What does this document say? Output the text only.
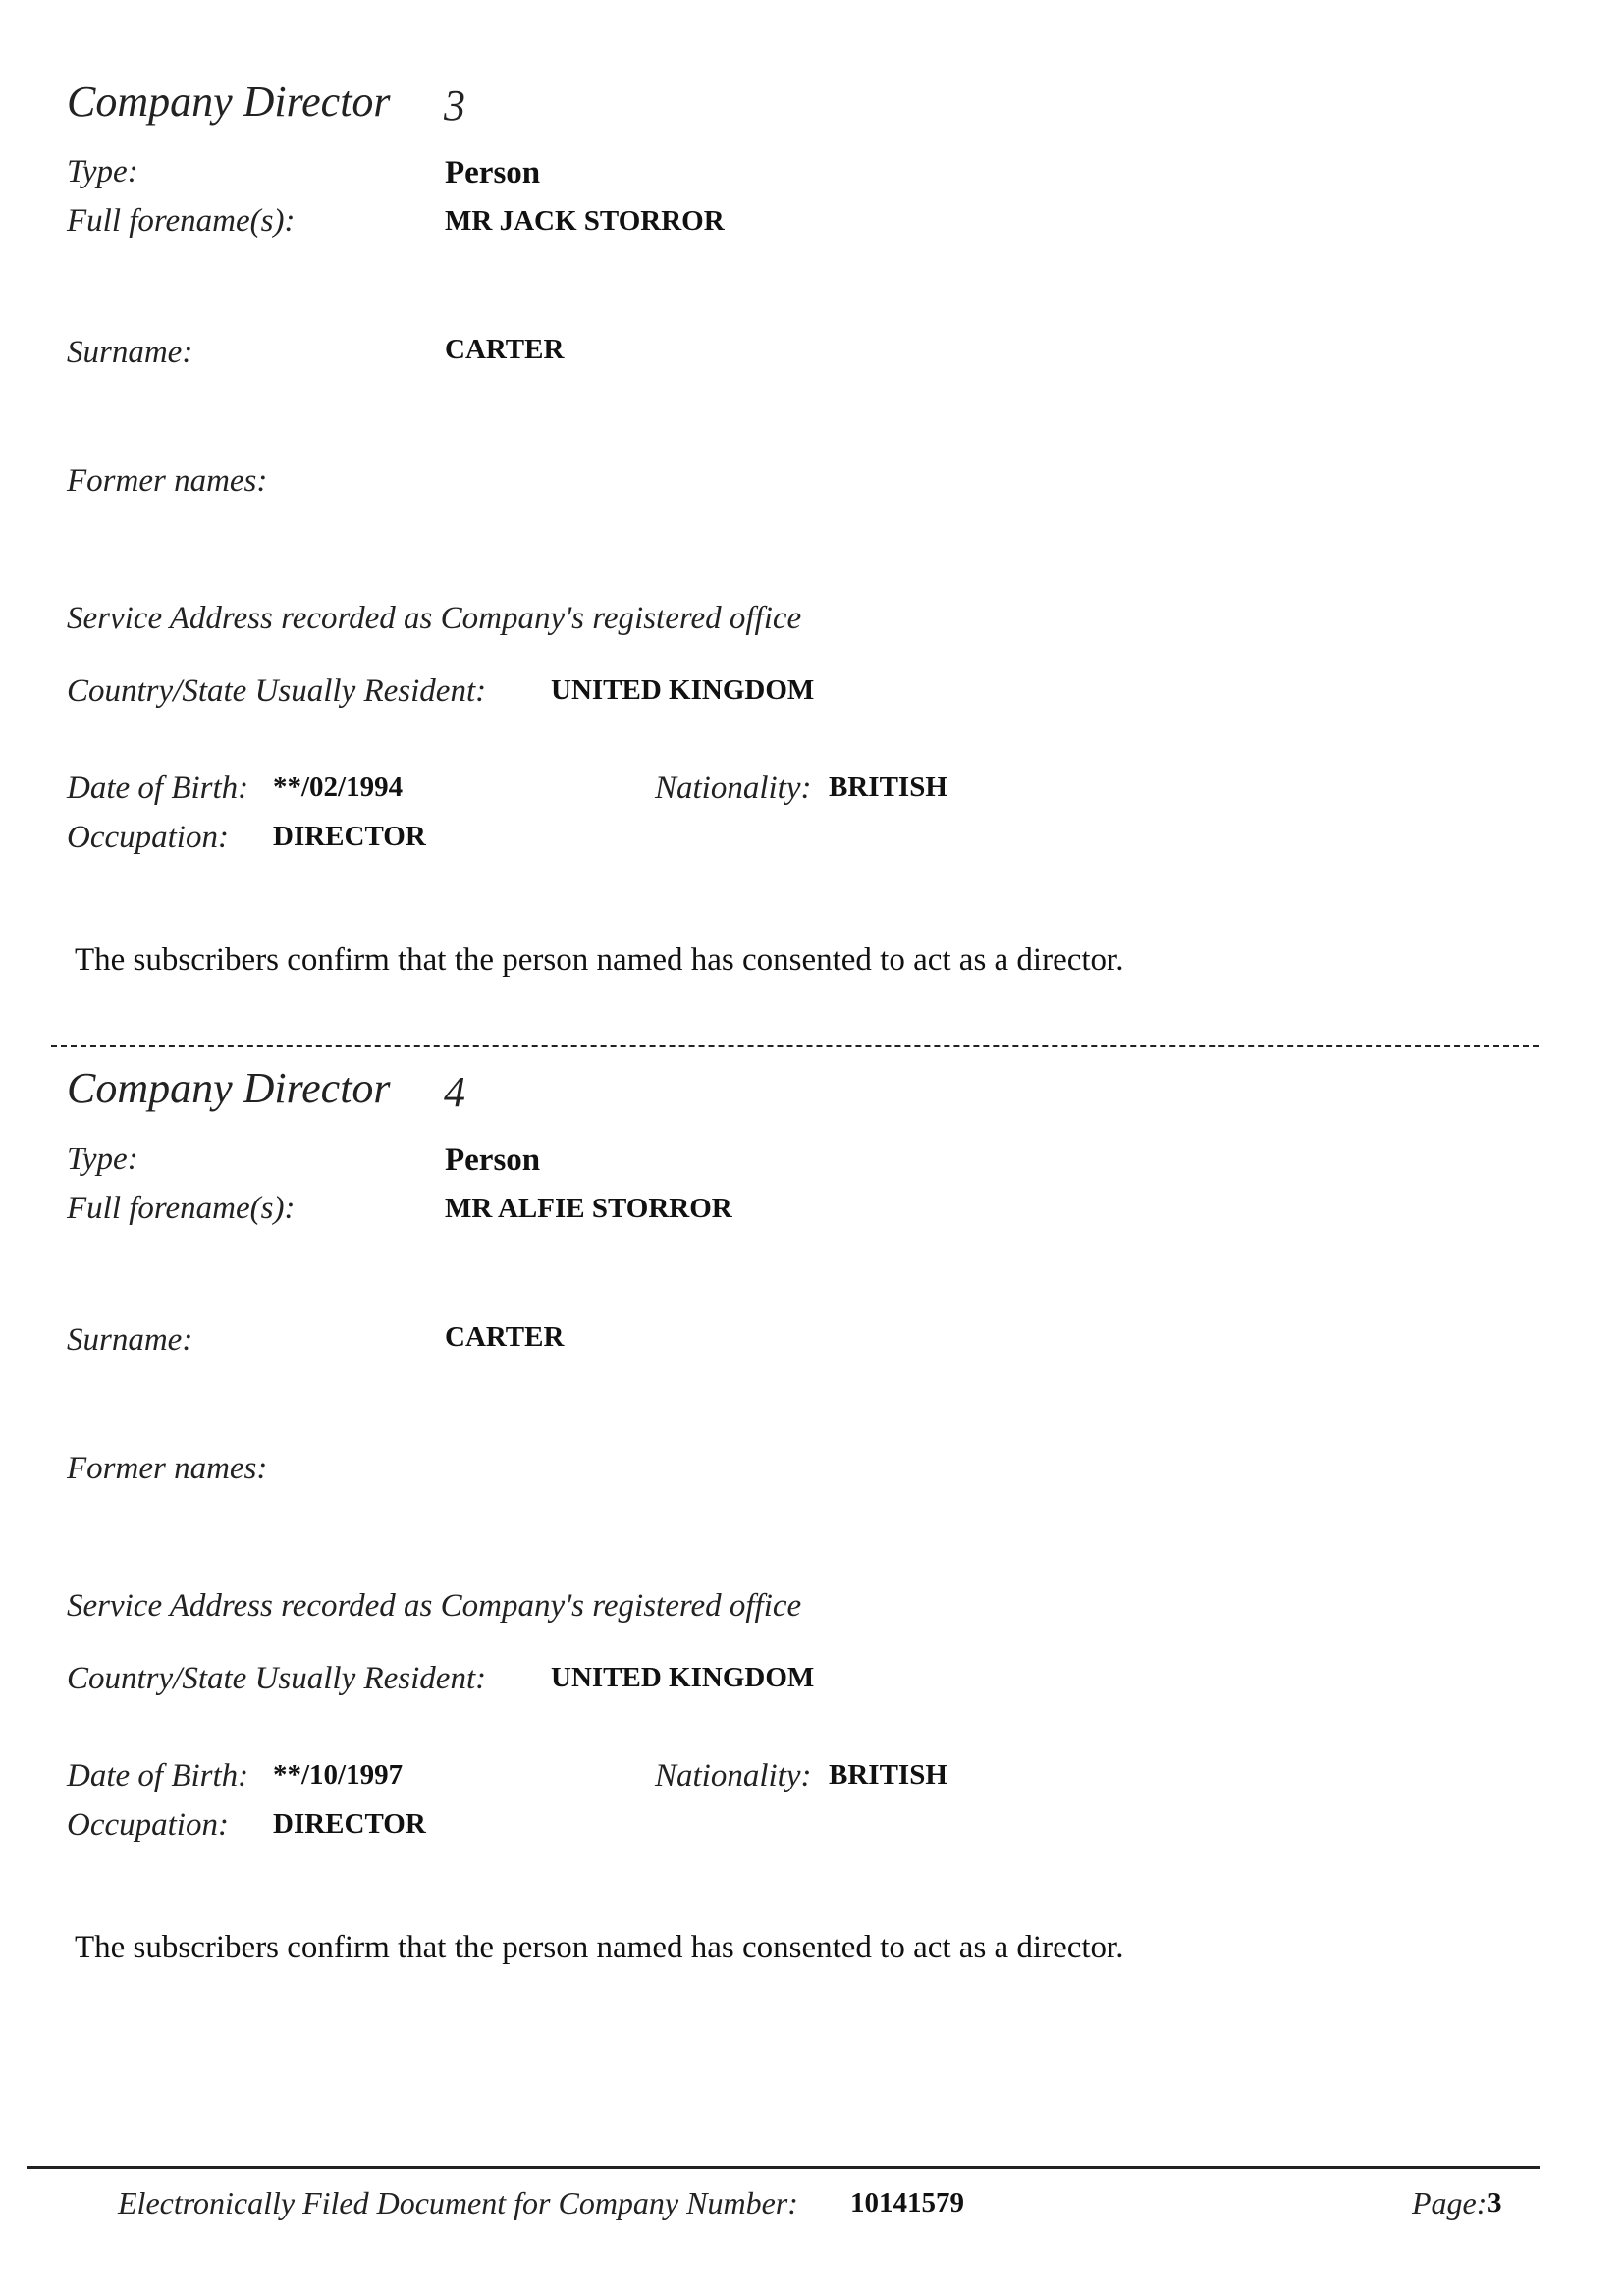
Company Director 3
Type:	Person
Full forename(s):	MR JACK STORROR
Surname:	CARTER
Former names:
Service Address recorded as Company's registered office
Country/State Usually Resident: UNITED KINGDOM
Date of Birth: **/02/1994	Nationality: BRITISH
Occupation: DIRECTOR
The subscribers confirm that the person named has consented to act as a director.
Company Director 4
Type:	Person
Full forename(s):	MR ALFIE STORROR
Surname:	CARTER
Former names:
Service Address recorded as Company's registered office
Country/State Usually Resident: UNITED KINGDOM
Date of Birth: **/10/1997	Nationality: BRITISH
Occupation: DIRECTOR
The subscribers confirm that the person named has consented to act as a director.
Electronically Filed Document for Company Number: 10141579	Page: 3
